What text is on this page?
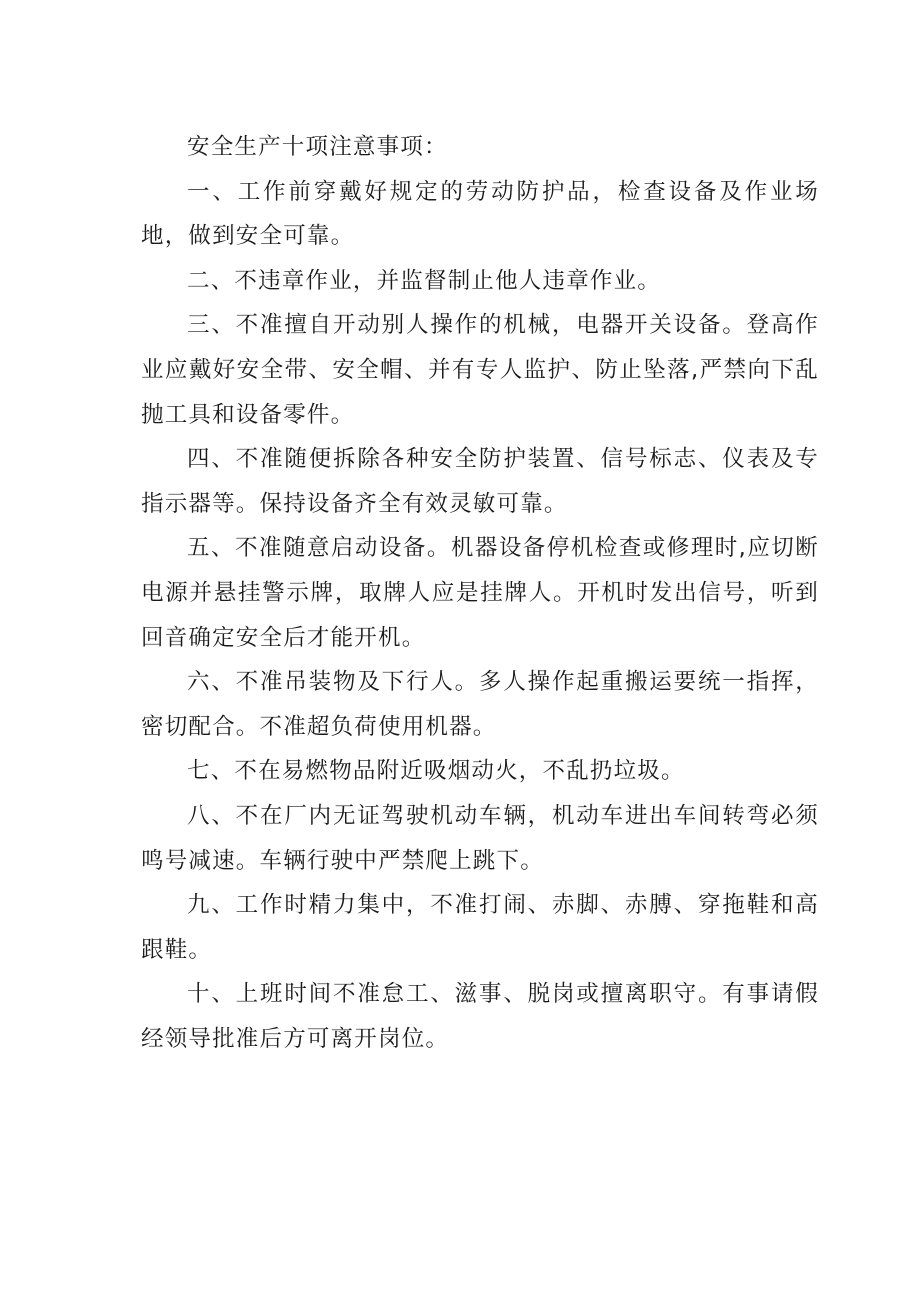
安全生产十项注意事项：

一、工作前穿戴好规定的劳动防护品，检查设备及作业场地，做到安全可靠。

二、不违章作业，并监督制止他人违章作业。

三、不准擅自开动别人操作的机械，电器开关设备。登高作业应戴好安全带、安全帽、并有专人监护、防止坠落,严禁向下乱抛工具和设备零件。

四、不准随便拆除各种安全防护装置、信号标志、仪表及专指示器等。保持设备齐全有效灵敏可靠。

五、不准随意启动设备。机器设备停机检查或修理时,应切断电源并悬挂警示牌，取牌人应是挂牌人。开机时发出信号，听到回音确定安全后才能开机。

六、不准吊装物及下行人。多人操作起重搬运要统一指挥，密切配合。不准超负荷使用机器。

七、不在易燃物品附近吸烟动火，不乱扔垃圾。

八、不在厂内无证驾驶机动车辆，机动车进出车间转弯必须鸣号减速。车辆行驶中严禁爬上跳下。

九、工作时精力集中，不准打闹、赤脚、赤膊、穿拖鞋和高跟鞋。

十、上班时间不准怠工、滋事、脱岗或擅离职守。有事请假经领导批准后方可离开岗位。
